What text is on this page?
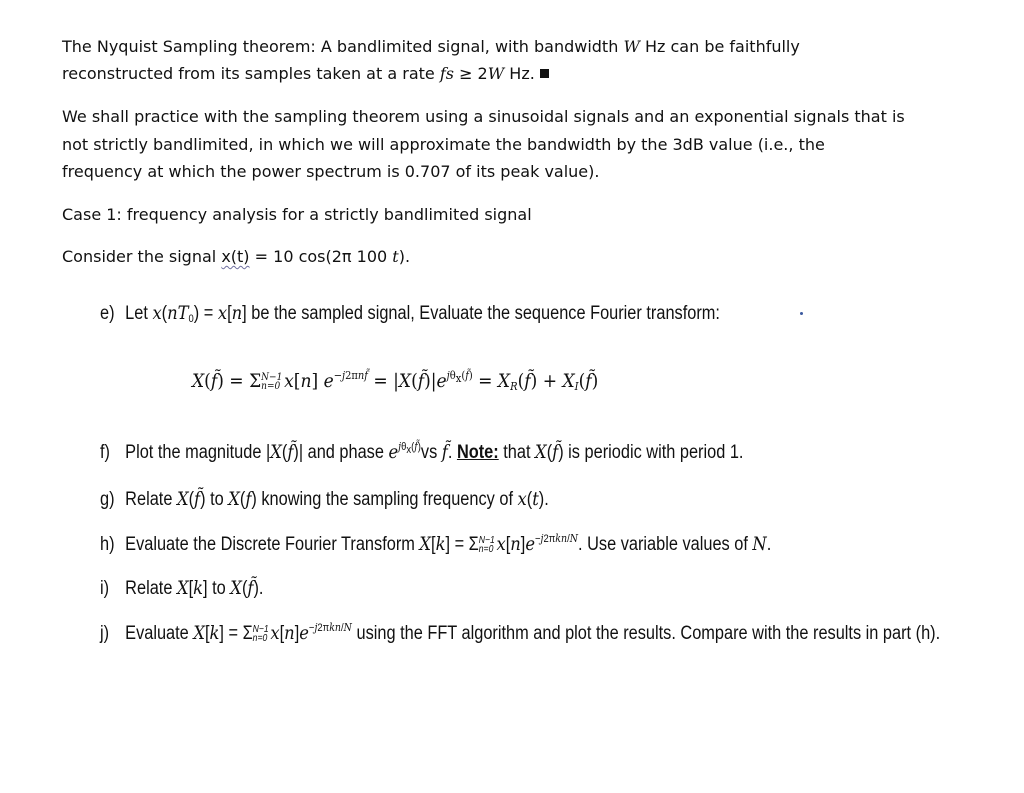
The Nyquist Sampling theorem: A bandlimited signal, with bandwidth W Hz can be faithfully
reconstructed from its samples taken at a rate fs ≥ 2W Hz.
We shall practice with the sampling theorem using a sinusoidal signals and an exponential signals that is
not strictly bandlimited, in which we will approximate the bandwidth by the 3dB value (i.e., the
frequency at which the power spectrum is 0.707 of its peak value).
Case 1: frequency analysis for a strictly bandlimited signal
Consider the signal x(t) = 10 cos(2π 100 t).
e) Let $x(nT_0) = x[n]$ be the sampled signal, Evaluate the sequence Fourier transform:
X(f̃) = Σ N−1
n=0 x[n] $e^{-j2\pi nf̃}$ = $|X(f̃)|e^{j\theta_x(f̃)}$ = $X_R(f̃)$ + $X_I(f̃)$
f) Plot the magnitude |X(f̃)| and phase $e^{j\theta_x(f̃)}vs$ f̃. Note: that X(f̃) is periodic with period 1.
g) Relate X(f̃) to X(f) knowing the sampling frequency of x(t).
h) Evaluate the Discrete Fourier Transform X[k] = Σ N−1
n=0 $x[n]e^{-j2\pi kn/N}$. Use variable values of N.
i) Relate X[k] to X(f̃).
j) Evaluate X[k] = Σ N−1
n=0 $x[n]e^{-j2\pi kn/N}$ using the FFT algorithm and plot the results. Compare with the results in part (h).
